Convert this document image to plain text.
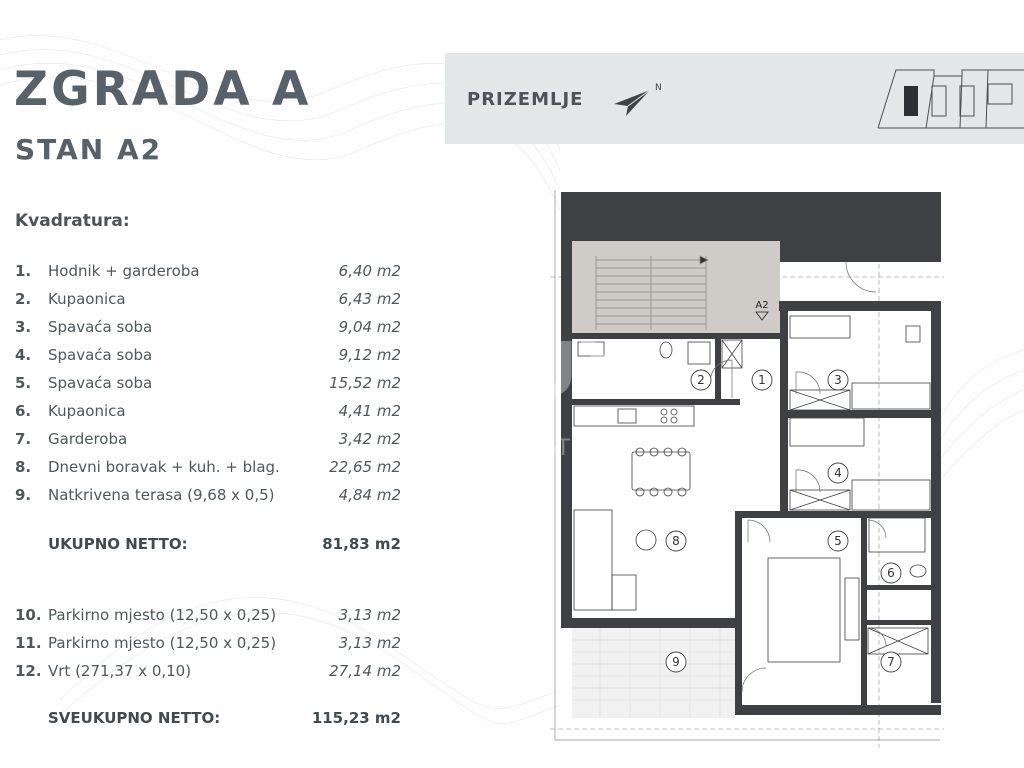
ZGRADA A
STAN A2
Kvadratura:
1. Hodnik + garderoba	6,40 m2
2. Kupaonica	6,43 m2
3. Spavaća soba	9,04 m2
4. Spavaća soba	9,12 m2
5. Spavaća soba	15,52 m2
6. Kupaonica	4,41 m2
7. Garderoba	3,42 m2
8. Dnevni boravak + kuh. + blag.	22,65 m2
9. Natkrivena terasa (9,68 x 0,5)	4,84 m2
UKUPNO NETTO:	81,83 m2
10. Parkirno mjesto (12,50 x 0,25)	3,13 m2
11. Parkirno mjesto (12,50 x 0,25)	3,13 m2
12. Vrt (271,37 x 0,10)	27,14 m2
SVEUKUPNO NETTO:	115,23 m2
PRIZEMLJE
N
A2
1
2	3
4
5
6
7
8
9
DUX
REAL ESTATE
